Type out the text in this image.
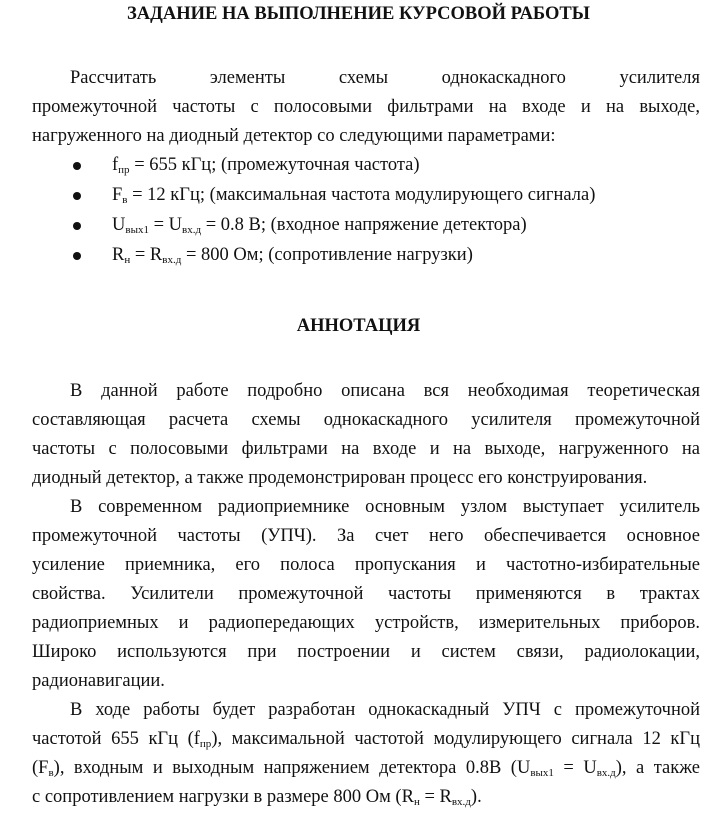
ЗАДАНИЕ НА ВЫПОЛНЕНИЕ КУРСОВОЙ РАБОТЫ
АННОТАЦИЯ
Рассчитать элементы схемы однокаскадного усилителя
промежуточной частоты с полосовыми фильтрами на входе и на выходе,
нагруженного на диодный детектор со следующими параметрами:
$f_{пр} = 655$ кГц; (промежуточная частота)
$F_в = 12$ кГц; (максимальная частота модулирующего сигнала)
$U_{вых1} = U_{вх.д} = 0.8$ В; (входное напряжение детектора)
$R_н = R_{вх.д} = 800$ Ом; (сопротивление нагрузки)
В данной работе подробно описана вся необходимая теоретическая
составляющая расчета схемы однокаскадного усилителя промежуточной
частоты с полосовыми фильтрами на входе и на выходе, нагруженного на
диодный детектор, а также продемонстрирован процесс его конструирования.
В современном радиоприемнике основным узлом выступает усилитель
промежуточной частоты (УПЧ). За счет него обеспечивается основное
усиление приемника, его полоса пропускания и частотно-избирательные
свойства. Усилители промежуточной частоты применяются в трактах
радиоприемных и радиопередающих устройств, измерительных приборов.
Широко используются при построении и систем связи, радиолокации,
радионавигации.
В ходе работы будет разработан однокаскадный УПЧ с промежуточной
частотой 655 кГц $(f_{пр})$, максимальной частотой модулирующего сигнала 12 кГц
$(F_в)$, входным и выходным напряжением детектора 0.8В $(U_{вых1} = U_{вх.д})$, а также
с сопротивлением нагрузки в размере 800 Ом $(R_н = R_{вх.д})$.
